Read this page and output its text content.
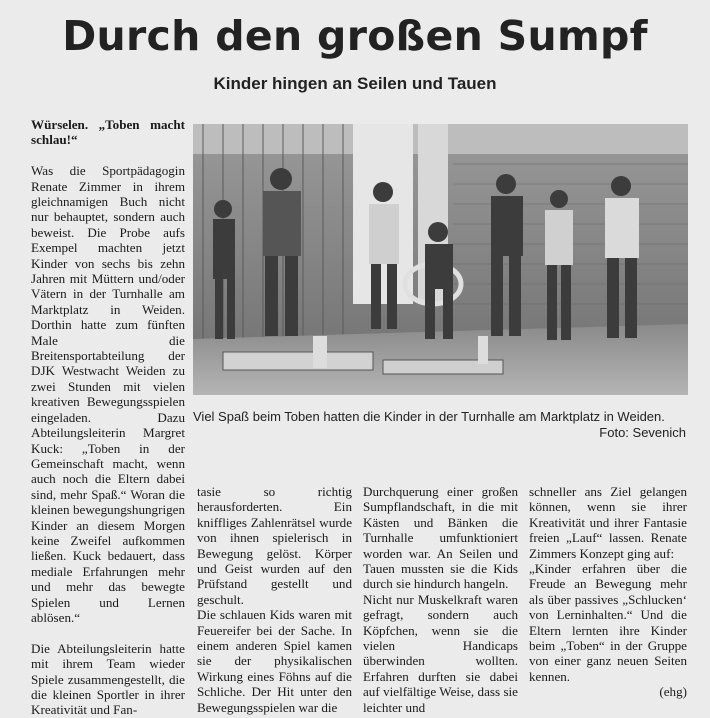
Durch den großen Sumpf
Kinder hingen an Seilen und Tauen

Würselen. „Toben macht schlau!“

Was die Sportpädagogin Renate Zimmer in ihrem gleichnamigen Buch nicht nur behauptet, sondern auch beweist. Die Probe aufs Exempel machten jetzt Kinder von sechs bis zehn Jahren mit Müttern und/oder Vätern in der Turnhalle am Marktplatz in Weiden. Dorthin hatte zum fünften Male die Breitensportabteilung der DJK Westwacht Weiden zu zwei Stunden mit vielen kreativen Bewegungsspielen eingeladen. Dazu Abteilungsleiterin Margret Kuck: „Toben in der Gemeinschaft macht, wenn auch noch die Eltern dabei sind, mehr Spaß.“ Woran die kleinen bewegungshungrigen Kinder an diesem Morgen keine Zweifel aufkommen ließen. Kuck bedauert, dass mediale Erfahrungen mehr und mehr das bewegte Spielen und Lernen ablösen.“

Die Abteilungsleiterin hatte mit ihrem Team wieder Spiele zusammengestellt, die die kleinen Sportler in ihrer Kreativität und Fan-

Viel Spaß beim Toben hatten die Kinder in der Turnhalle am Marktplatz in Weiden.
Foto: Sevenich
tasie so richtig herausforderten. Ein kniffliges Zahlenrätsel wurde von ihnen spielerisch in Bewegung gelöst. Körper und Geist wurden auf den Prüfstand gestellt und geschult.
Die schlauen Kids waren mit Feuereifer bei der Sache. In einem anderen Spiel kamen sie der physikalischen Wirkung eines Föhns auf die Schliche. Der Hit unter den Bewegungsspielen war die
Durchquerung einer großen Sumpflandschaft, in die mit Kästen und Bänken die Turnhalle umfunktioniert worden war. An Seilen und Tauen mussten sie die Kids durch sie hindurch hangeln.
Nicht nur Muskelkraft waren gefragt, sondern auch Köpfchen, wenn sie die vielen Handicaps überwinden wollten. Erfahren durften sie dabei auf vielfältige Weise, dass sie leichter und
schneller ans Ziel gelangen können, wenn sie ihrer Kreativität und ihrer Fantasie freien „Lauf“ lassen. Renate Zimmers Konzept ging auf:
„Kinder erfahren über die Freude an Bewegung mehr als über passives „Schlucken‘ von Lerninhalten.“ Und die Eltern lernten ihre Kinder beim „Toben“ in der Gruppe von einer ganz neuen Seiten kennen.
(ehg)
